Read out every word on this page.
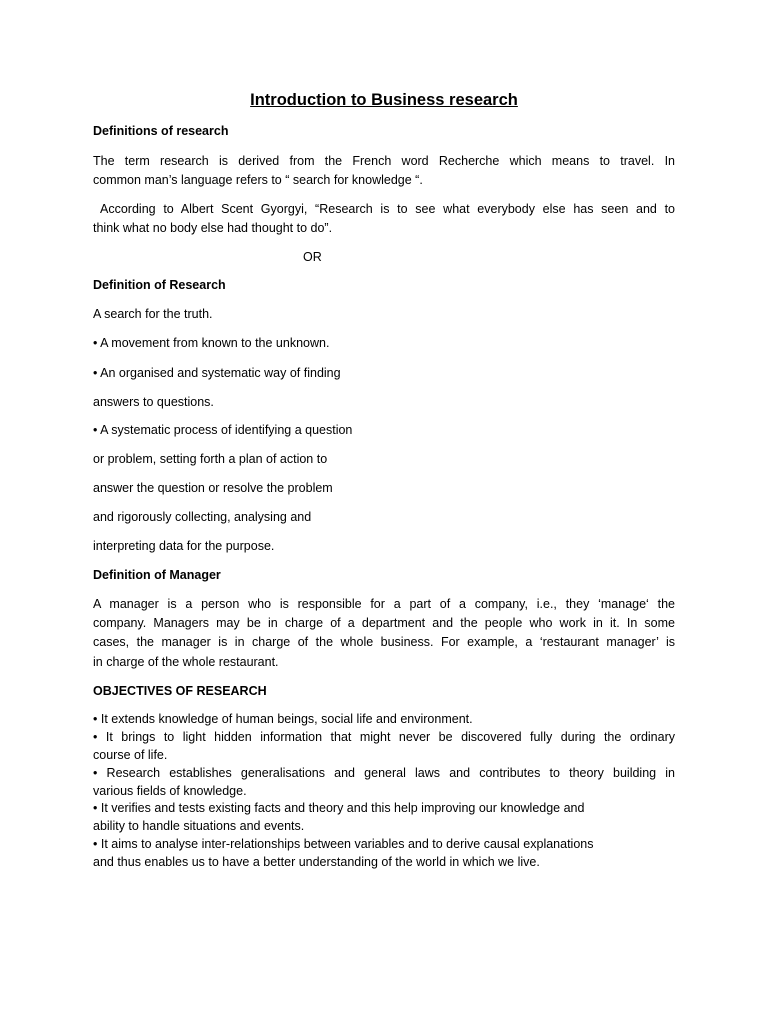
Introduction to Business research
Definitions of research
The term research is derived from the French word Recherche which means to travel. In
common man’s language refers to “ search for knowledge “.
According to Albert Scent Gyorgyi, “Research is to see what everybody else has seen and to
think what no body else had thought to do”.
OR
Definition of Research
A search for the truth.
• A movement from known to the unknown.
• An organised and systematic way of finding
answers to questions.
• A systematic process of identifying a question
or problem, setting forth a plan of action to
answer the question or resolve the problem
and rigorously collecting, analysing and
interpreting data for the purpose.
Definition of Manager
A manager is a person who is responsible for a part of a company, i.e., they ‘manage‘ the
company. Managers may be in charge of a department and the people who work in it. In some
cases, the manager is in charge of the whole business. For example, a ‘restaurant manager’ is
in charge of the whole restaurant.
OBJECTIVES OF RESEARCH
• It extends knowledge of human beings, social life and environment.
• It brings to light hidden information that might never be discovered fully during the ordinary
course of life.
• Research establishes generalisations and general laws and contributes to theory building in
various fields of knowledge.
• It verifies and tests existing facts and theory and this help improving our knowledge and
ability to handle situations and events.
• It aims to analyse inter-relationships between variables and to derive causal explanations
and thus enables us to have a better understanding of the world in which we live.
